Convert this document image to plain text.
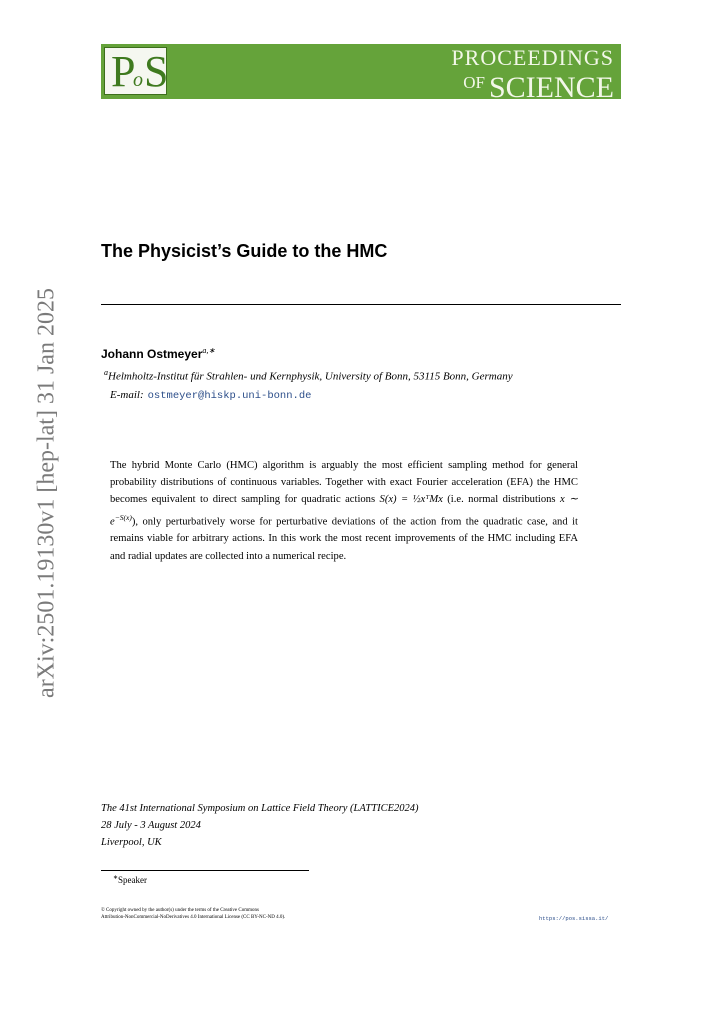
P
o S	PROCEEDINGS
$^{OF}$ SCIENCE
arXiv:2501.19130v1 [hep-lat] 31 Jan 2025
The Physicist’s Guide to the HMC
Johann Ostmeyer$^{a,∗}$
$^a$Helmholtz-Institut für Strahlen- und Kernphysik, University of Bonn, 53115 Bonn, Germany
E-mail: ostmeyer@hiskp.uni-bonn.de
The hybrid Monte Carlo (HMC) algorithm is arguably the most efficient sampling method for general probability distributions of continuous variables. Together with exact Fourier acceleration (EFA) the HMC becomes equivalent to direct sampling for quadratic actions S(x) = ½xᵀMx (i.e. normal distributions x ∼ $e^{-S(x)}$), only perturbatively worse for perturbative deviations of the action from the quadratic case, and it remains viable for arbitrary actions. In this work the most recent improvements of the HMC including EFA and radial updates are collected into a numerical recipe.
The 41st International Symposium on Lattice Field Theory (LATTICE2024)
28 July - 3 August 2024
Liverpool, UK
∗Speaker
© Copyright owned by the author(s) under the terms of the Creative Commons
Attribution-NonCommercial-NoDerivatives 4.0 International License (CC BY-NC-ND 4.0).	https://pos.sissa.it/
